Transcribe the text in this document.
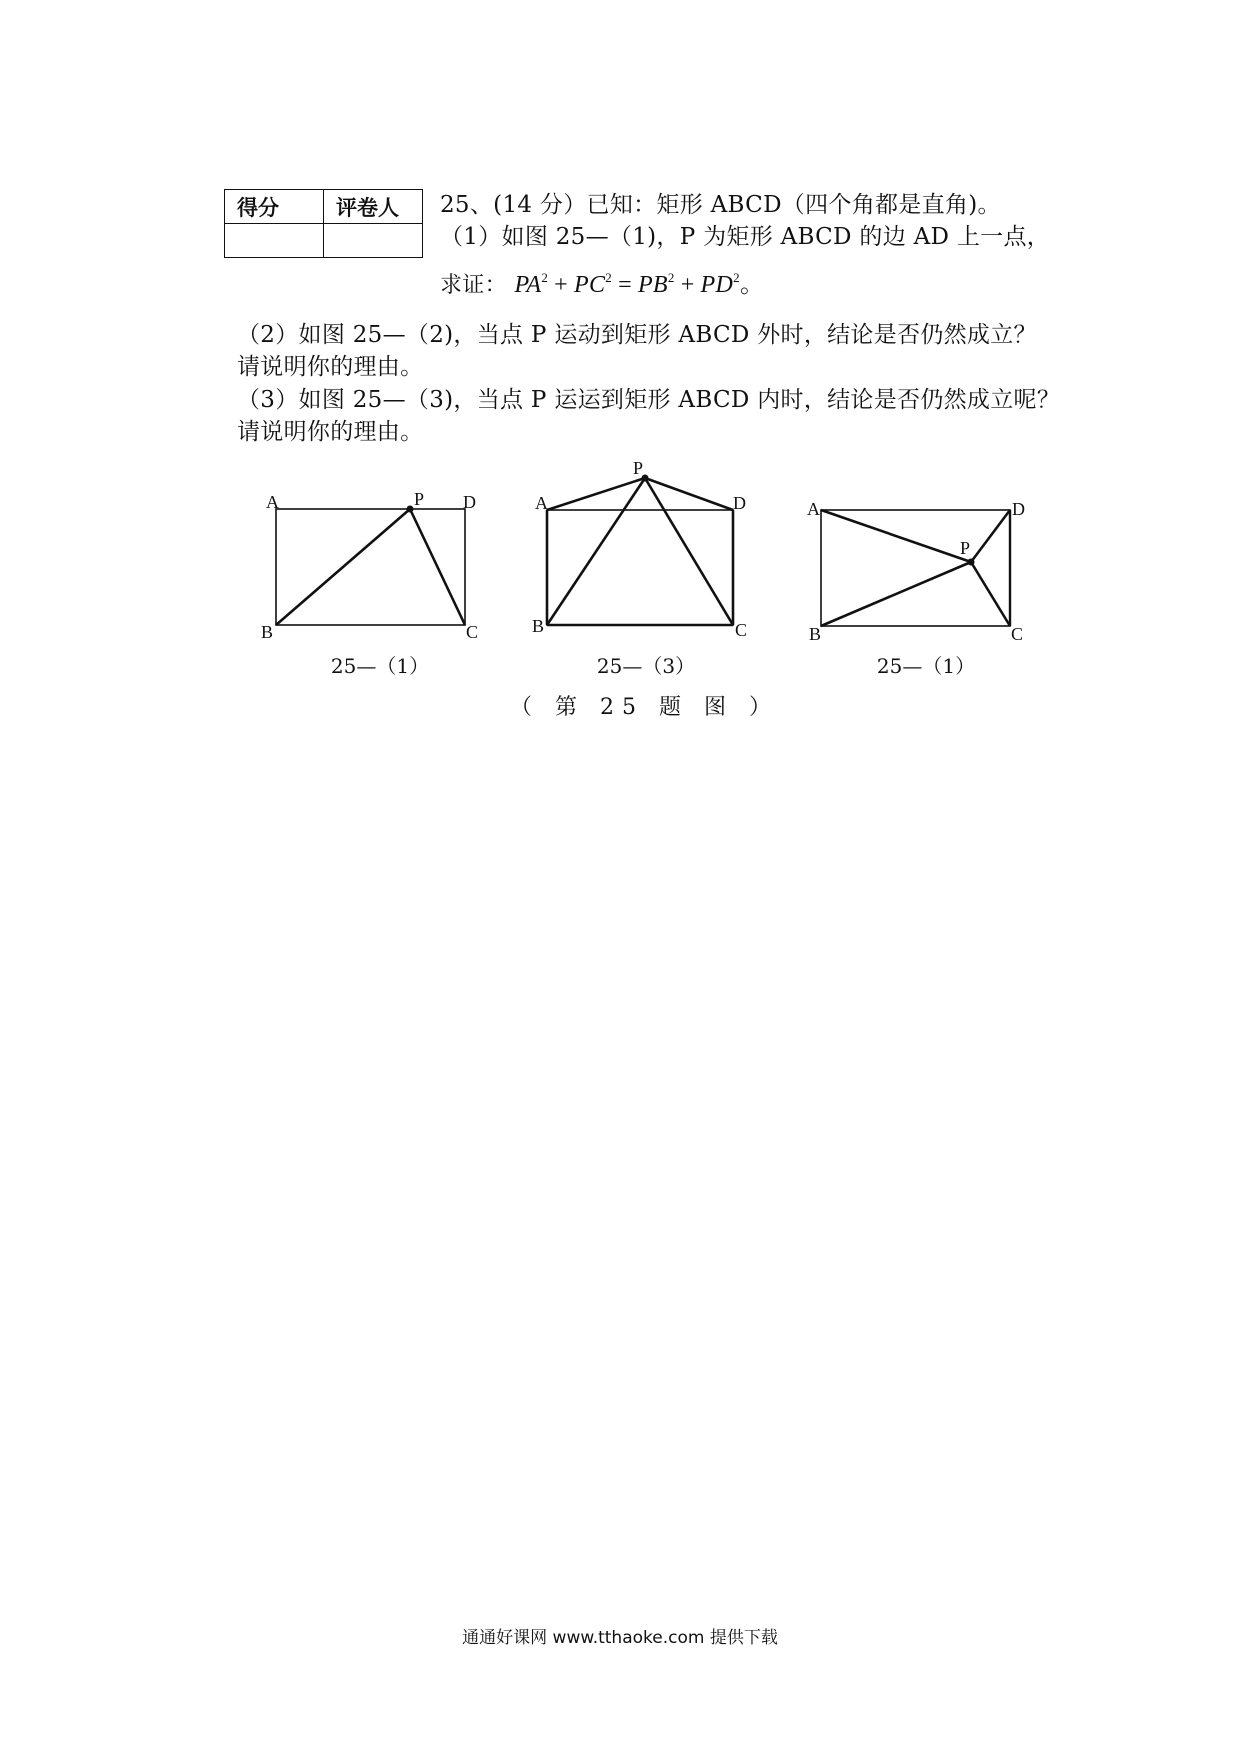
得分	评卷人
	25、(14 分）已知：矩形 ABCD（四个角都是直角)。
（1）如图 25—（1)，P 为矩形 ABCD 的边 AD 上一点，
求证： $PA^2 + PC^2 = PB^2 + PD^2$。
（2）如图 25—（2)，当点 P 运动到矩形 ABCD 外时，结论是否仍然成立？
请说明你的理由。
（3）如图 25—（3)，当点 P 运运到矩形 ABCD 内时，结论是否仍然成立呢？
请说明你的理由。
A
B	C
D
P
25—（1）
A
B	C
D
P
25—（3）
A
B	C
D
P
25—（1）
（ 第 25 题 图 ）
通通好课网 www.tthaoke.com 提供下载
